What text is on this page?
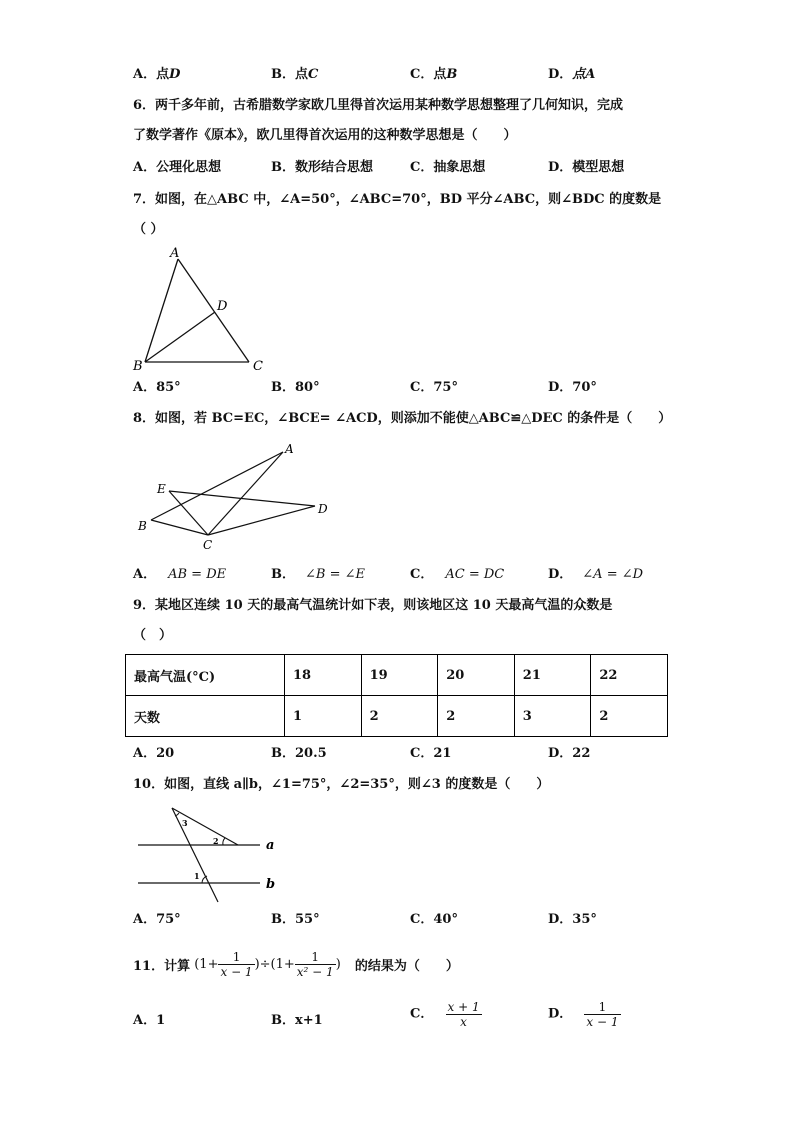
A．点D	B．点C	C．点B	D．点A
6．两千多年前，古希腊数学家欧几里得首次运用某种数学思想整理了几何知识，完成
了数学著作《原本》，欧几里得首次运用的这种数学思想是（　　）
A．公理化思想	B．数形结合思想	C．抽象思想	D．模型思想
7．如图，在△ABC 中，∠A=50°，∠ABC=70°，BD 平分∠ABC，则∠BDC 的度数是
（ ）
A
D
B	C
A．85°	B．80°	C．75°	D．70°
8．如图，若 BC=EC，∠BCE= ∠ACD，则添加不能使△ABC≌△DEC 的条件是（　　）
A
E
B
C
D
A． AB = DE	B． ∠B = ∠E	C． AC = DC	D． ∠A = ∠D
9．某地区连续 10 天的最高气温统计如下表，则该地区这 10 天最高气温的众数是
（　）
最高气温(°C)	18	19	20	21	22
天数	1	2	2	3	2
A．20	B．20.5	C．21	D．22
10．如图，直线 a∥b，∠1=75°，∠2=35°，则∠3 的度数是（　　）
3
2
1
a
b
A．75°	B．55°	C．40°	D．35°
11．计算 $(1+ \frac{1}{x - 1} )\div(1+ \frac{1}{\text{x² − 1}}$ ) 的结果为（　　）
A．1	B．x+1	C． $\frac{x + 1}{x}$	D． $\frac{1}{x - 1}$
